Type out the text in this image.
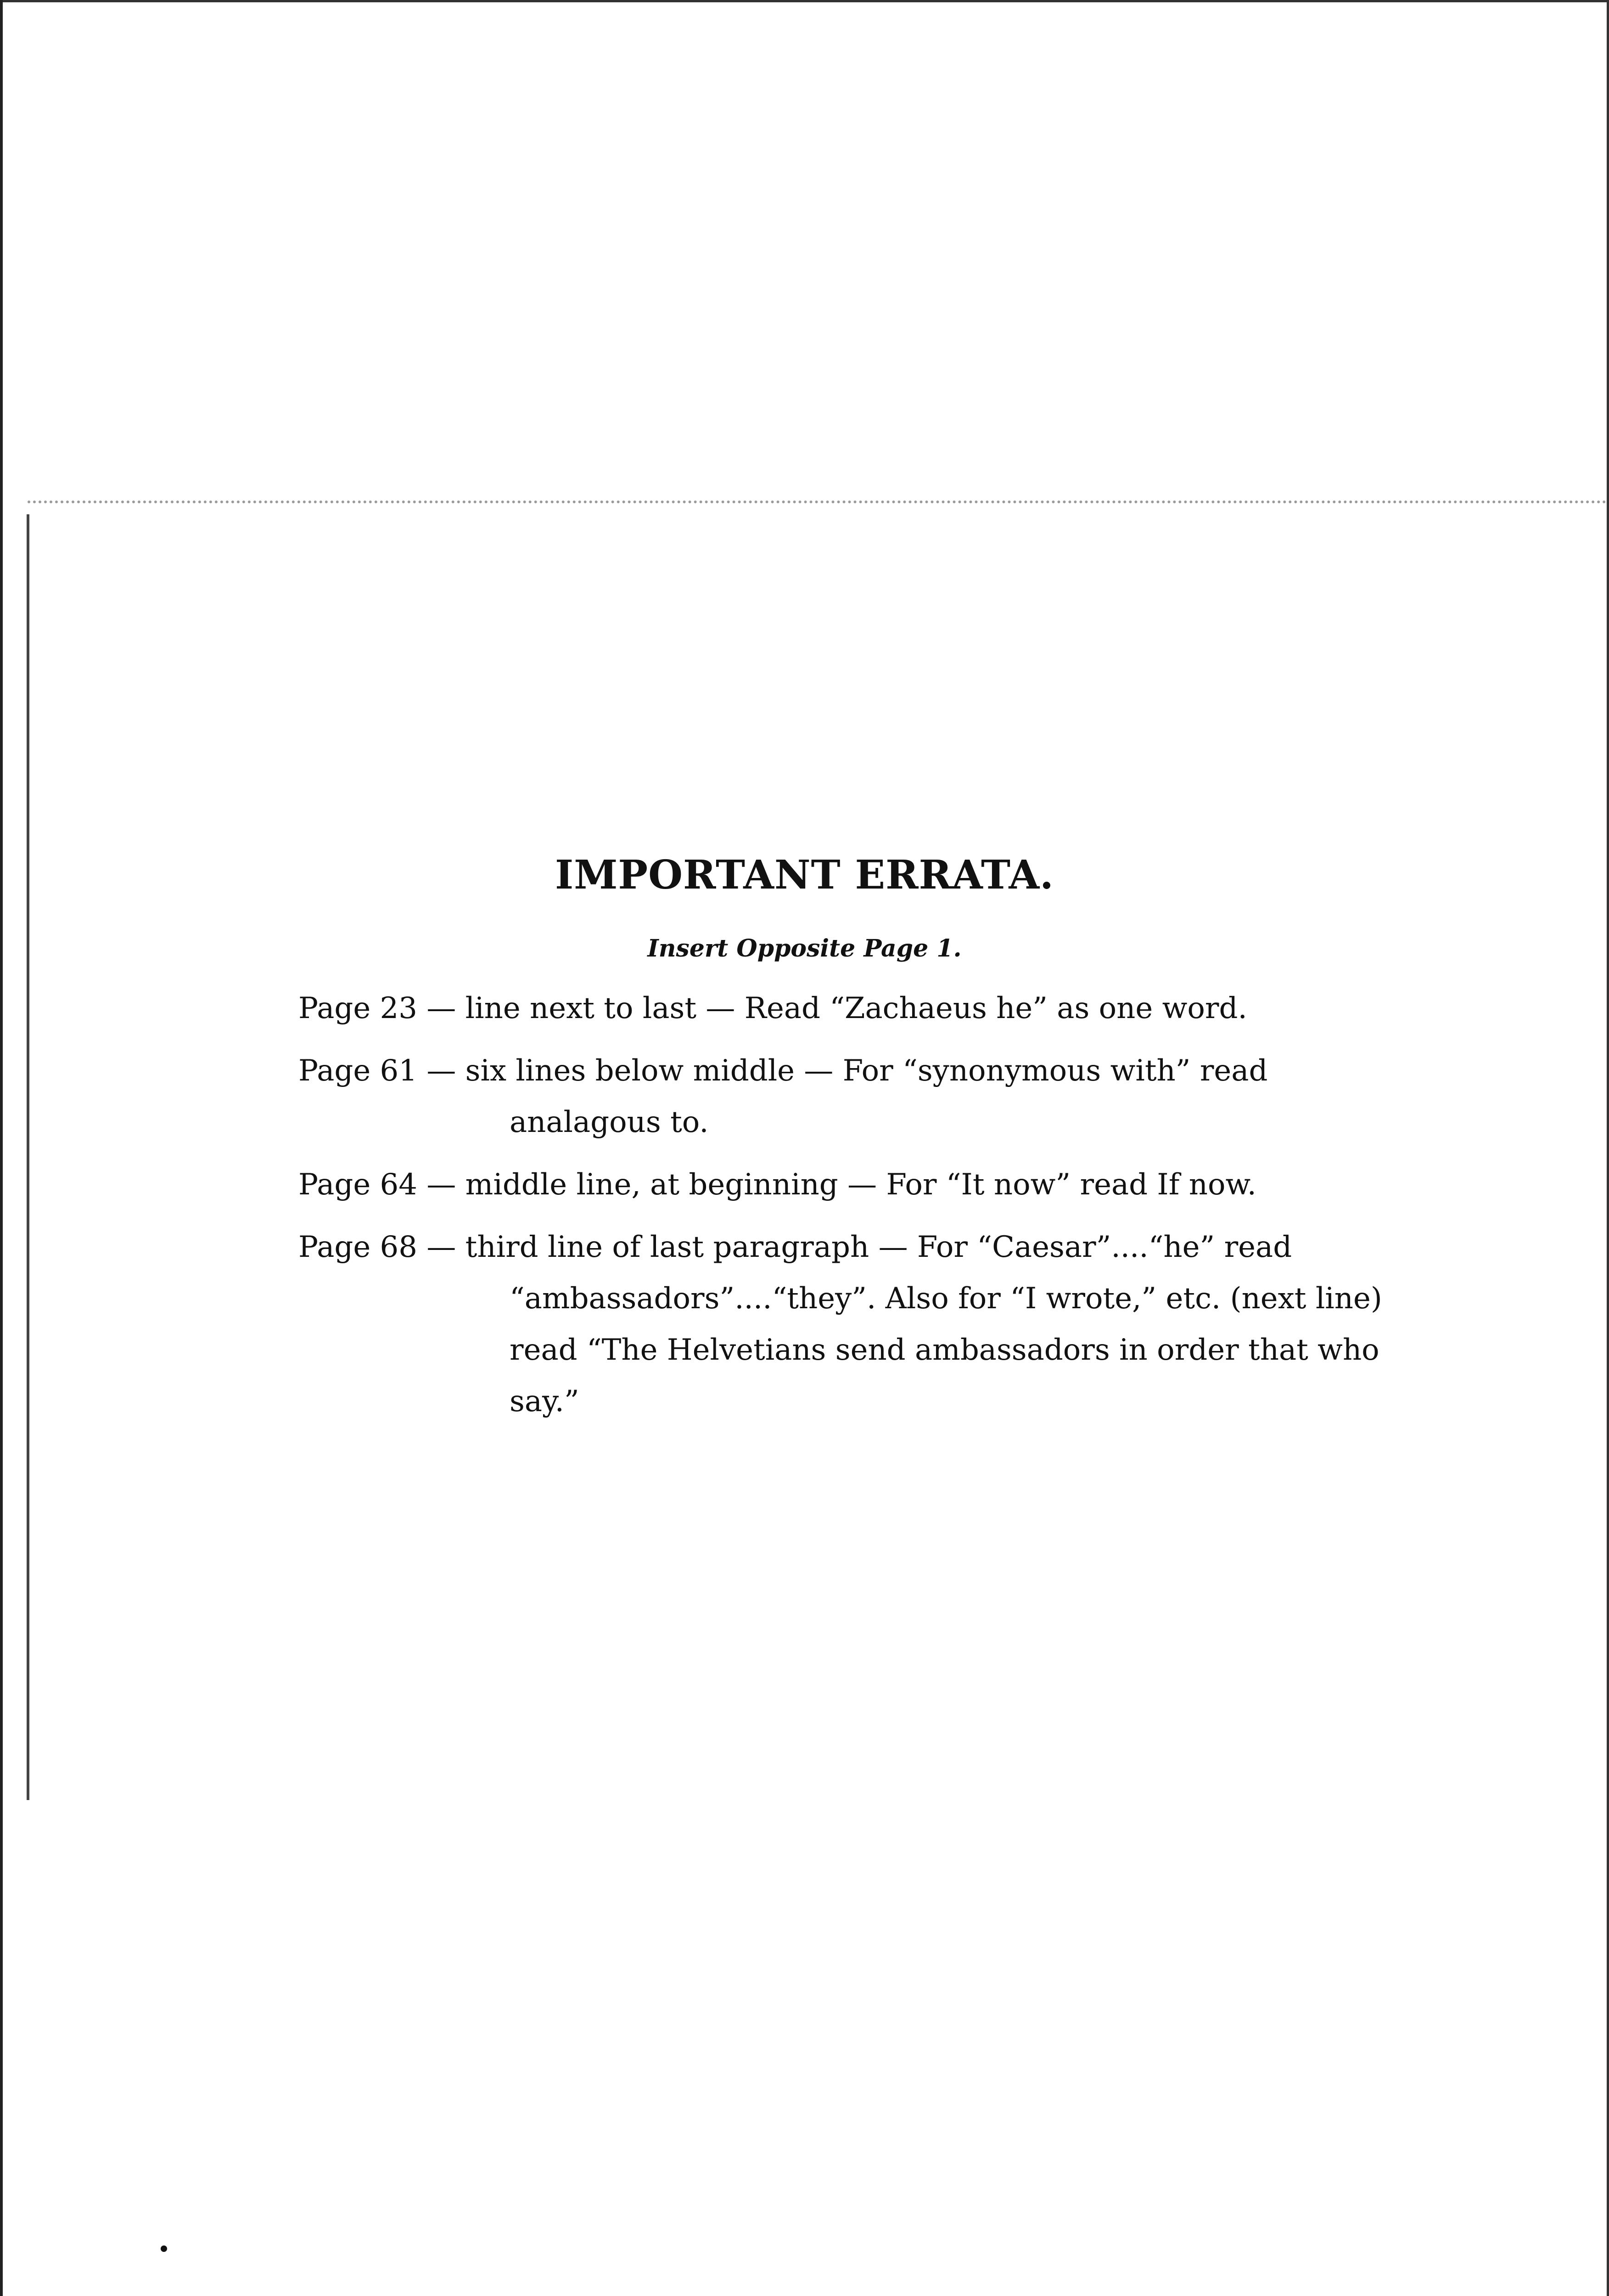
IMPORTANT ERRATA.
Insert Opposite Page 1.

Page 23 — line next to last — Read “Zachaeus he” as one word.

Page 61 — six lines below middle — For “synonymous with” read analagous to.

Page 64 — middle line, at beginning — For “It now” read If now.

Page 68 — third line of last paragraph — For “Caesar”....“he” read “ambassadors”....“they”. Also for “I wrote,” etc. (next line) read “The Helvetians send ambassadors in order that who say.”
